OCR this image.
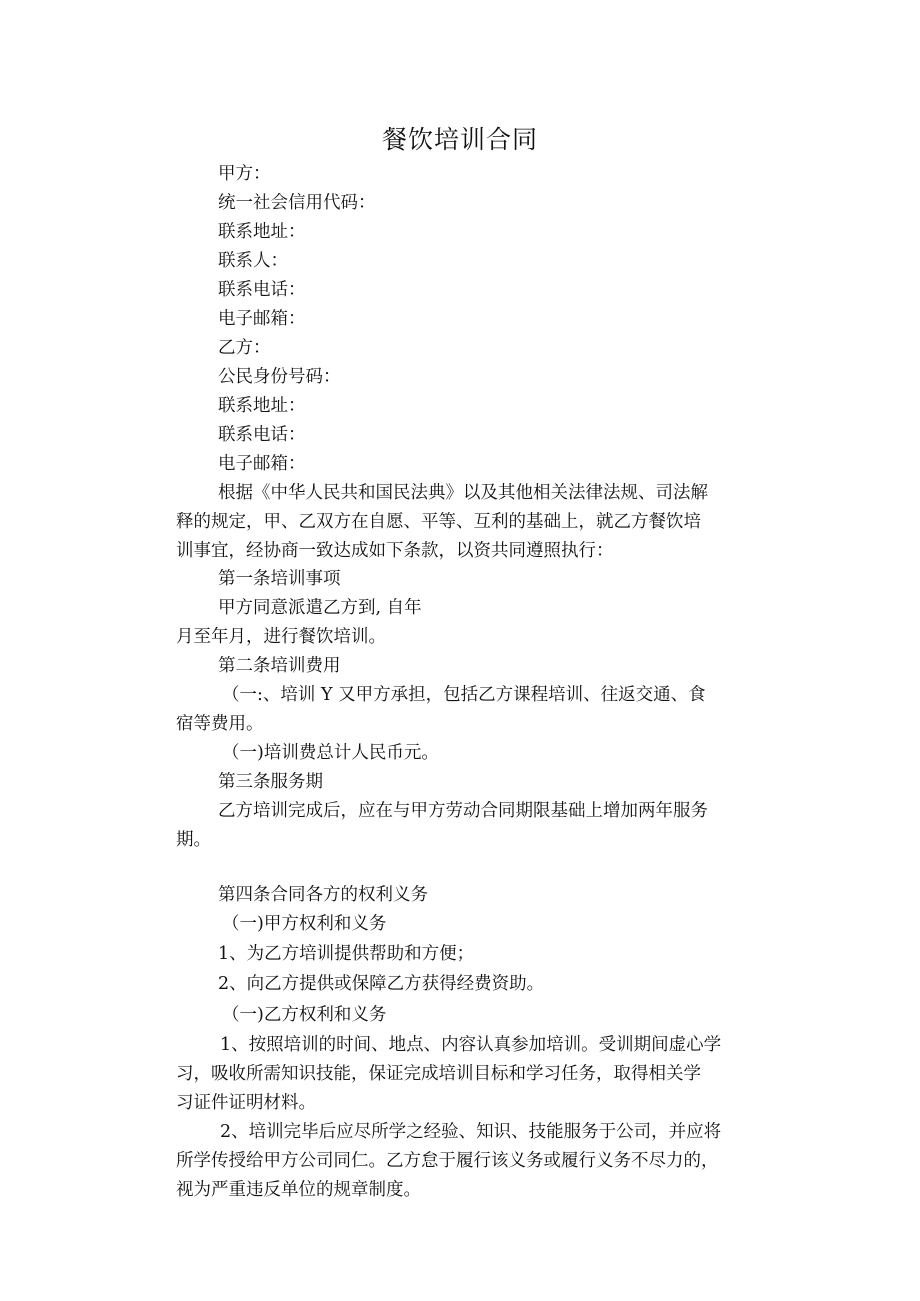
餐饮培训合同
甲方：
统一社会信用代码：
联系地址：
联系人：
联系电话：
电子邮箱：
乙方：
公民身份号码：
联系地址：
联系电话：
电子邮箱：
根据《中华人民共和国民法典》以及其他相关法律法规、司法解
释的规定，甲、乙双方在自愿、平等、互利的基础上，就乙方餐饮培
训事宜，经协商一致达成如下条款，以资共同遵照执行：
第一条培训事项
甲方同意派遣乙方到, 自年
月至年月，进行餐饮培训。
第二条培训费用
（一:、培训 Y 又甲方承担，包括乙方课程培训、往返交通、食
宿等费用。
（一)培训费总计人民币元。
第三条服务期
乙方培训完成后，应在与甲方劳动合同期限基础上增加两年服务
期。
第四条合同各方的权利义务
（一)甲方权利和义务
1、为乙方培训提供帮助和方便；
2、向乙方提供或保障乙方获得经费资助。
（一)乙方权利和义务
1、按照培训的时间、地点、内容认真参加培训。受训期间虚心学
习，吸收所需知识技能，保证完成培训目标和学习任务，取得相关学
习证件证明材料。
2、培训完毕后应尽所学之经验、知识、技能服务于公司，并应将
所学传授给甲方公司同仁。乙方怠于履行该义务或履行义务不尽力的，
视为严重违反单位的规章制度。
